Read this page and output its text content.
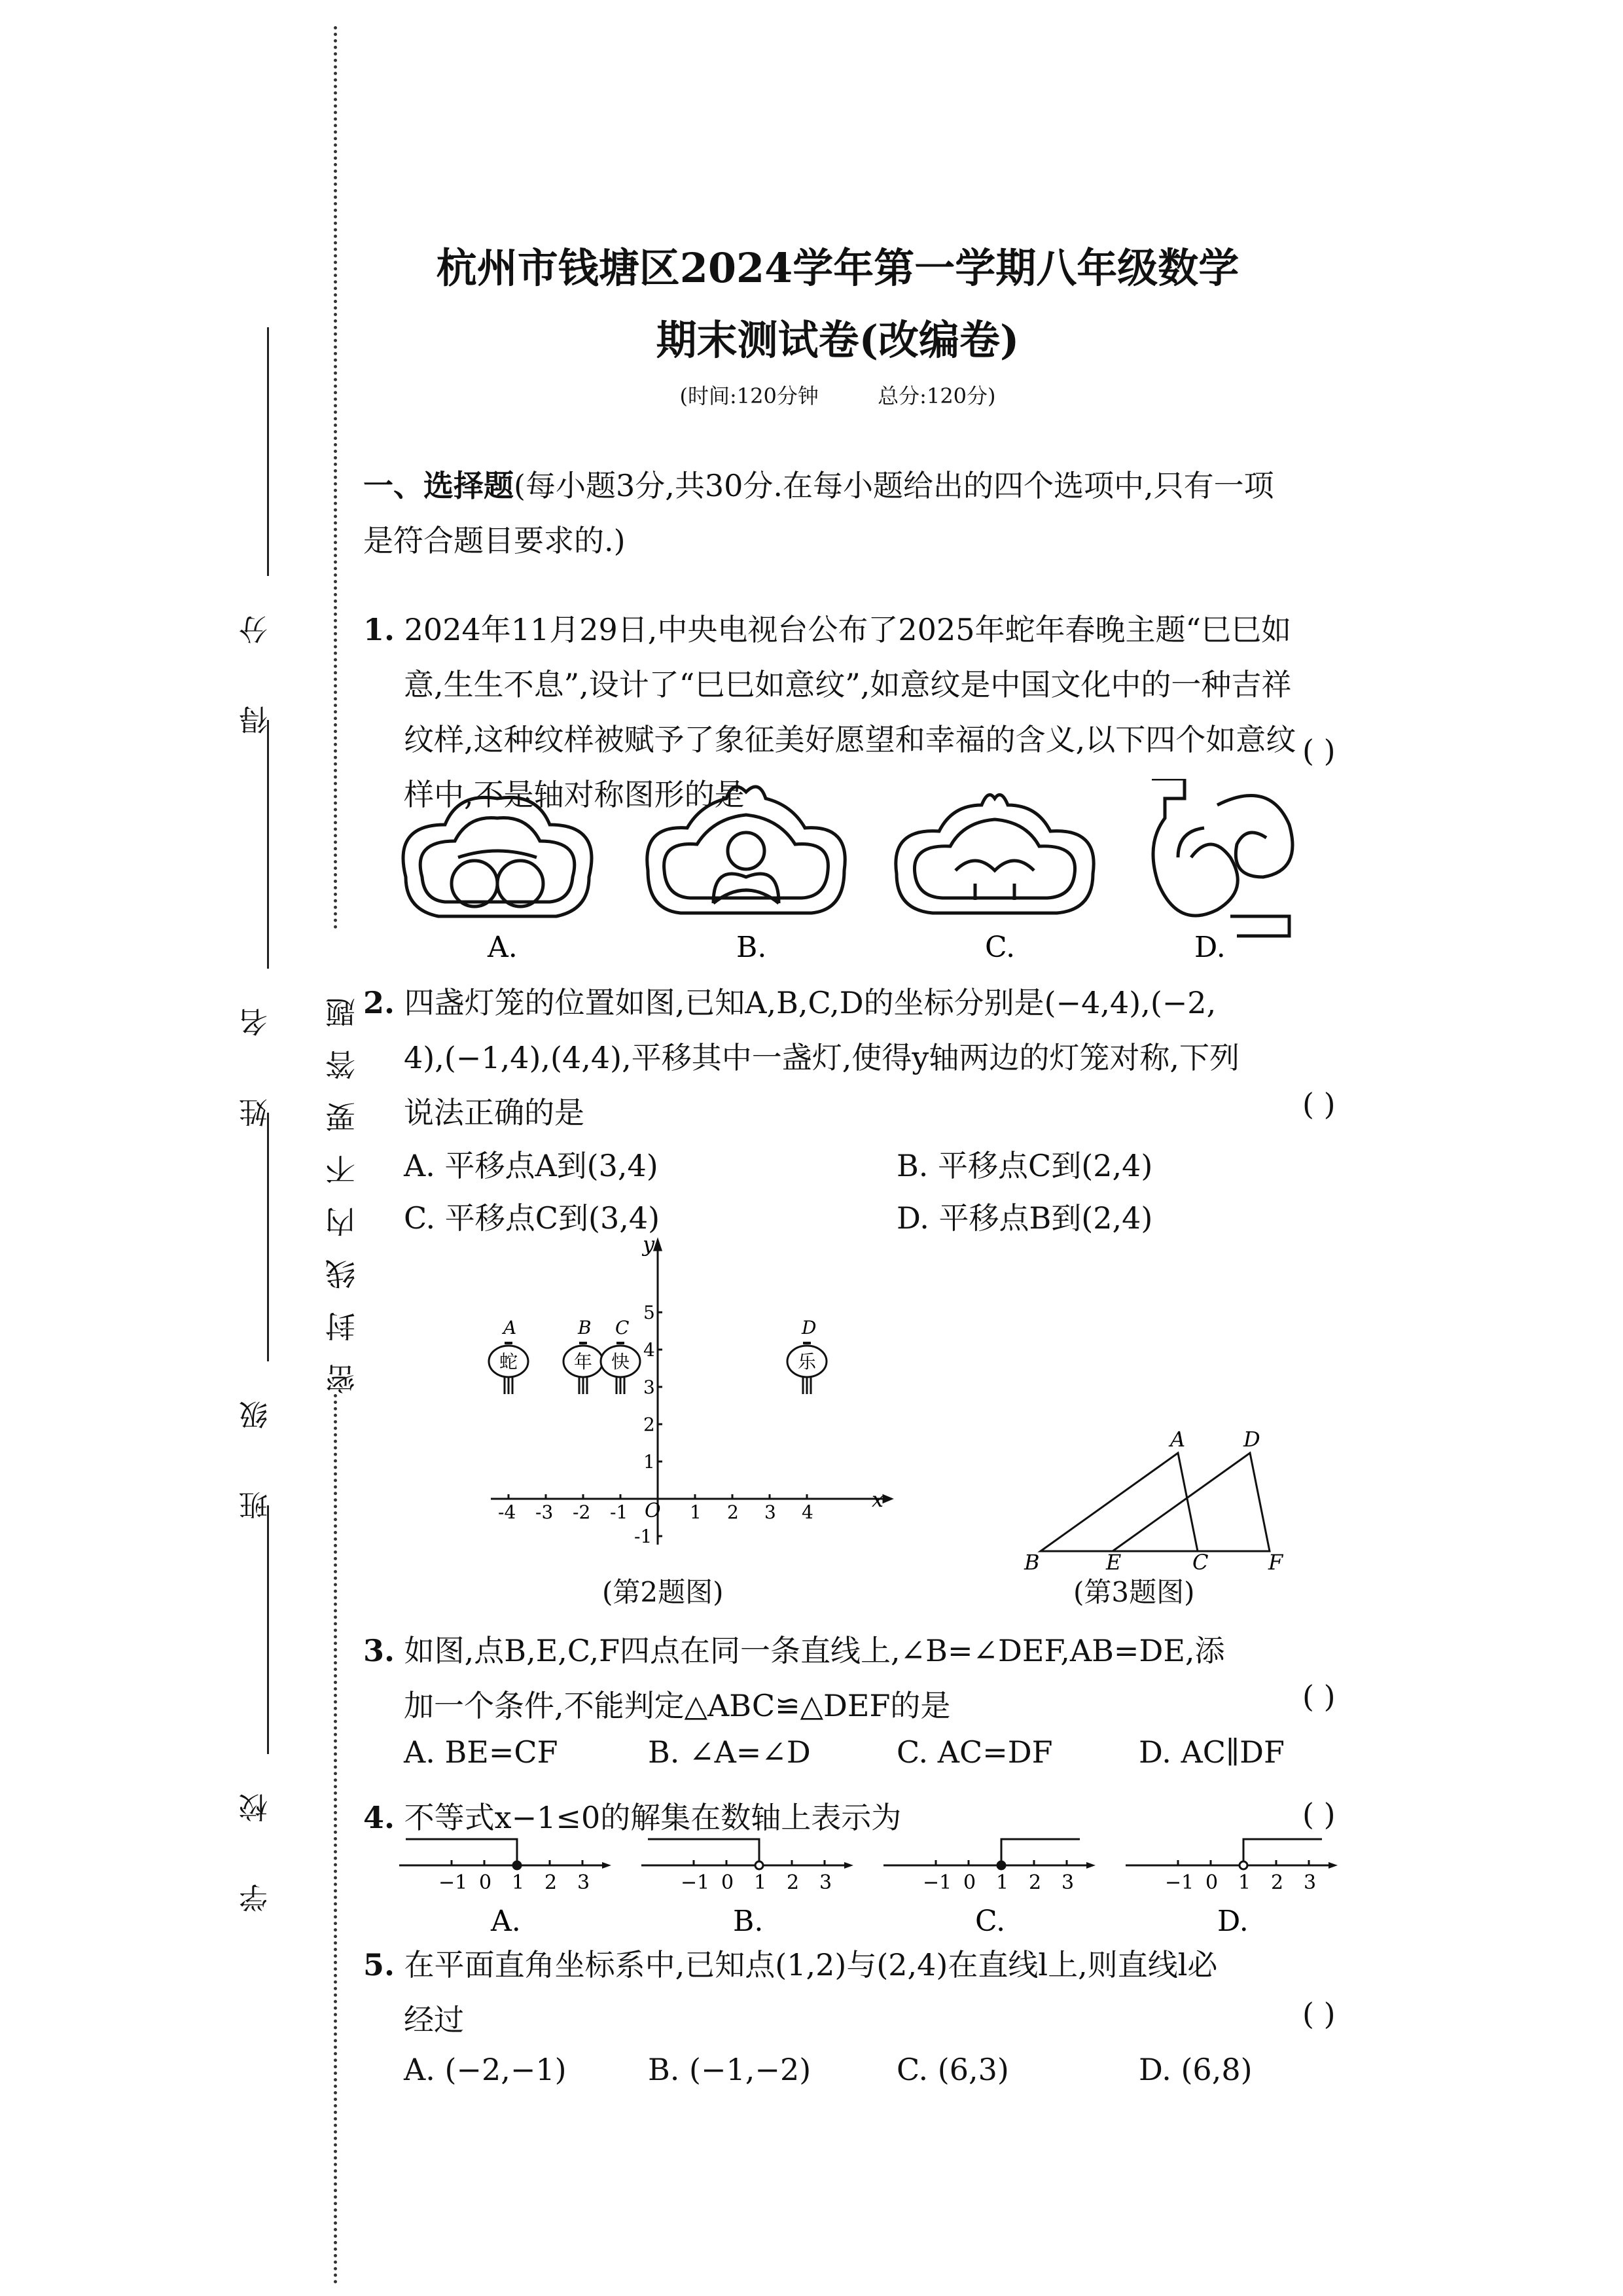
密封线内不要答题
得 分
姓 名
班 级
学 校
杭州市钱塘区2024学年第一学期八年级数学
期末测试卷(改编卷)
(时间:120分钟	总分:120分)
一、选择题(每小题3分,共30分.在每小题给出的四个选项中,只有一项
是符合题目要求的.)
1. 2024年11月29日,中央电视台公布了2025年蛇年春晚主题“巳巳如
意,生生不息”,设计了“巳巳如意纹”,如意纹是中国文化中的一种吉祥
纹样,这种纹样被赋予了象征美好愿望和幸福的含义,以下四个如意纹
样中,不是轴对称图形的是
( )
A.	B.	C.	D.
2. 四盏灯笼的位置如图,已知A,B,C,D的坐标分别是(−4,4),(−2,
4),(−1,4),(4,4),平移其中一盏灯,使得y轴两边的灯笼对称,下列
说法正确的是	( )
A. 平移点A到(3,4)	B. 平移点C到(2,4)
C. 平移点C到(3,4)	D. 平移点B到(2,4)
x
y
O
-4 -3 -2 -1	1 2 3 4
5
4
3
2
1
-1
A
蛇
B
年
C
快
D
乐
(第2题图)
A	D
B	E	C	F
(第3题图)
3. 如图,点B,E,C,F四点在同一条直线上,∠B=∠DEF,AB=DE,添
加一个条件,不能判定△ABC≌△DEF的是	( )
A. BE=CF	B. ∠A=∠D	C. AC=DF	D. AC∥DF
4. 不等式x−1≤0的解集在数轴上表示为	( )
−1 0 1 2 3
A.
−1 0 1 2 3
B.
−1 0 1 2 3
C.
−1 0 1 2 3
D.
5. 在平面直角坐标系中,已知点(1,2)与(2,4)在直线l上,则直线l必
经过	( )
A. (−2,−1)	B. (−1,−2)	C. (6,3)	D. (6,8)
